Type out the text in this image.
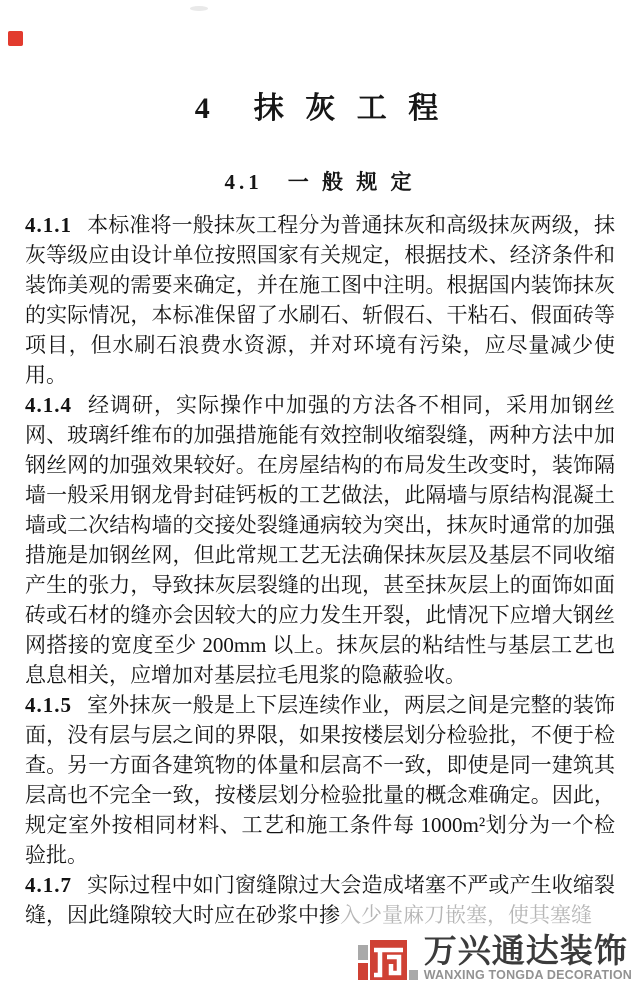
4　抹 灰 工 程
4.1　一 般 规 定

4.1.1 本标准将一般抹灰工程分为普通抹灰和高级抹灰两级，抹灰等级应由设计单位按照国家有关规定，根据技术、经济条件和装饰美观的需要来确定，并在施工图中注明。根据国内装饰抹灰的实际情况，本标准保留了水刷石、斩假石、干粘石、假面砖等项目，但水刷石浪费水资源，并对环境有污染，应尽量减少使用。

4.1.4 经调研，实际操作中加强的方法各不相同，采用加钢丝网、玻璃纤维布的加强措施能有效控制收缩裂缝，两种方法中加钢丝网的加强效果较好。在房屋结构的布局发生改变时，装饰隔墙一般采用钢龙骨封硅钙板的工艺做法，此隔墙与原结构混凝土墙或二次结构墙的交接处裂缝通病较为突出，抹灰时通常的加强措施是加钢丝网，但此常规工艺无法确保抹灰层及基层不同收缩产生的张力，导致抹灰层裂缝的出现，甚至抹灰层上的面饰如面砖或石材的缝亦会因较大的应力发生开裂，此情况下应增大钢丝网搭接的宽度至少 200mm 以上。抹灰层的粘结性与基层工艺也息息相关，应增加对基层拉毛甩浆的隐蔽验收。

4.1.5 室外抹灰一般是上下层连续作业，两层之间是完整的装饰面，没有层与层之间的界限，如果按楼层划分检验批，不便于检查。另一方面各建筑物的体量和层高不一致，即使是同一建筑其层高也不完全一致，按楼层划分检验批量的概念难确定。因此，规定室外按相同材料、工艺和施工条件每 1000m²划分为一个检验批。

4.1.7 实际过程中如门窗缝隙过大会造成堵塞不严或产生收缩裂缝，因此缝隙较大时应在砂浆中掺入少量麻刀嵌塞，使其塞缝

万兴通达装饰
WANXING TONGDA DECORATION
